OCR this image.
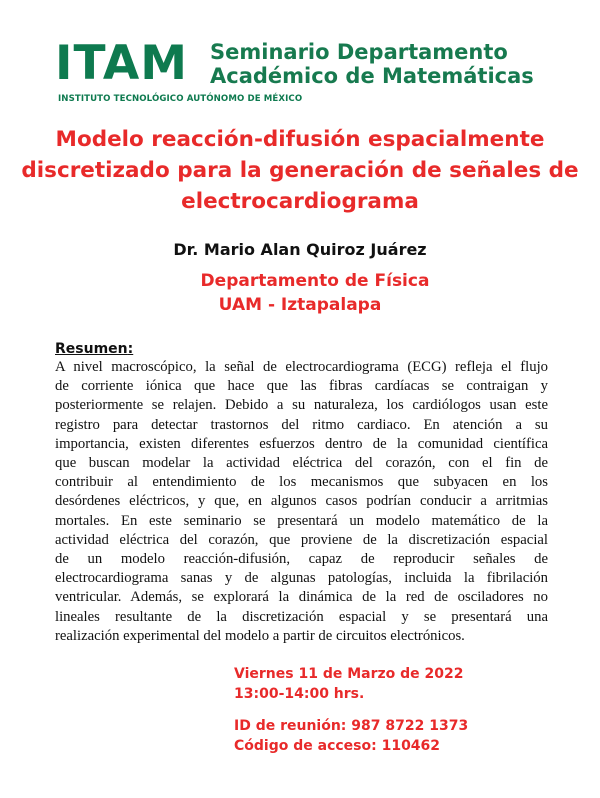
ITAM
INSTITUTO TECNOLÓGICO AUTÓNOMO DE MÉXICO
Seminario Departamento
Académico de Matemáticas
Modelo reacción-difusión espacialmente
discretizado para la generación de señales de
electrocardiograma
Dr. Mario Alan Quiroz Juárez
Departamento de Física
UAM - Iztapalapa
Resumen:
A nivel macroscópico, la señal de electrocardiograma (ECG) refleja el flujo
de corriente iónica que hace que las fibras cardíacas se contraigan y
posteriormente se relajen. Debido a su naturaleza, los cardiólogos usan este
registro para detectar trastornos del ritmo cardiaco. En atención a su
importancia, existen diferentes esfuerzos dentro de la comunidad científica
que buscan modelar la actividad eléctrica del corazón, con el fin de
contribuir al entendimiento de los mecanismos que subyacen en los
desórdenes eléctricos, y que, en algunos casos podrían conducir a arritmias
mortales. En este seminario se presentará un modelo matemático de la
actividad eléctrica del corazón, que proviene de la discretización espacial
de un modelo reacción-difusión, capaz de reproducir señales de
electrocardiograma sanas y de algunas patologías, incluida la fibrilación
ventricular. Además, se explorará la dinámica de la red de osciladores no
lineales resultante de la discretización espacial y se presentará una
realización experimental del modelo a partir de circuitos electrónicos.
Viernes 11 de Marzo de 2022
13:00-14:00 hrs.
ID de reunión: 987 8722 1373
Código de acceso: 110462
